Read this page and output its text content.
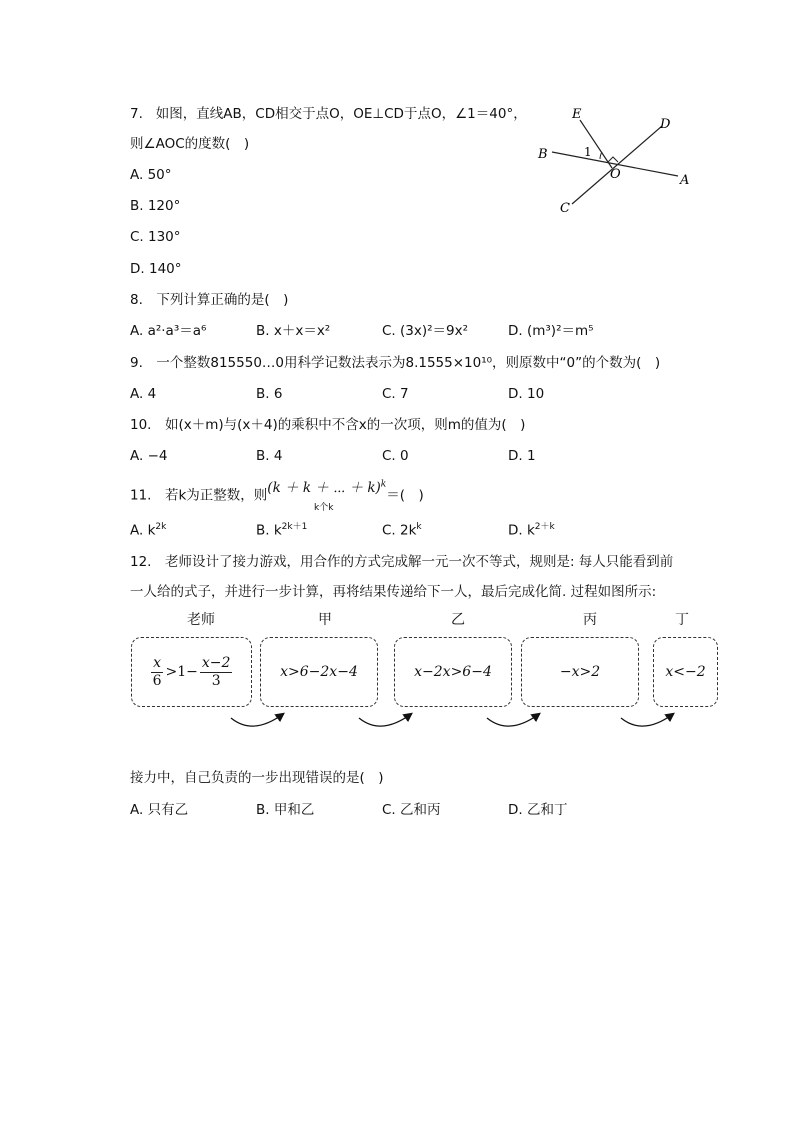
7. 如图，直线AB，CD相交于点O，OE⊥CD于点O，∠1＝40°，
则∠AOC的度数(　)
A. 50°
B. 120°
C. 130°
D. 140°
E
D
B	1
O	A
C
8.　下列计算正确的是(　)
A. a²·a³＝a⁶	B. x＋x＝x²	C. (3x)²＝9x²	D. (m³)²＝m⁵
9.　一个整数815550…0用科学记数法表示为8.1555×10¹⁰，则原数中“0”的个数为(　)
A. 4	B. 6	C. 7	D. 10
10.　如(x＋m)与(x＋4)的乘积中不含x的一次项，则m的值为(　)
A. −4	B. 4	C. 0	D. 1
11.　若k为正整数，则(k ＋ k ＋ ⋯ ＋ k)$^k$＝(　)
k个k
A. $k^{2k}$	B. $k^{2k+1}$	C. $2k^k$	D. $k^{2+k}$
12.　老师设计了接力游戏，用合作的方式完成解一元一次不等式，规则是: 每人只能看到前
一人给的式子，并进行一步计算，再将结果传递给下一人，最后完成化简. 过程如图所示:
老师	甲	乙	丙	丁
$\frac{x}{6} >1- \frac{x-2}{3}$	x>6−2x−4	x−2x>6−4	−x>2	x<−2
接力中，自己负责的一步出现错误的是(　)
A. 只有乙	B. 甲和乙	C. 乙和丙	D. 乙和丁
